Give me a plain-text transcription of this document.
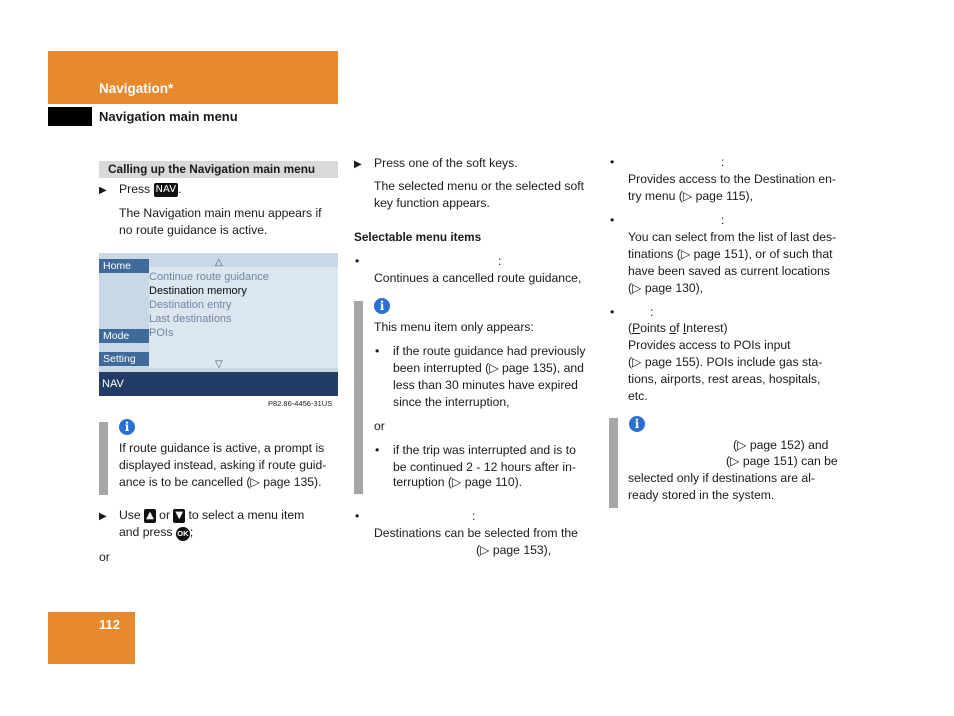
Navigation*
Navigation main menu
Calling up the Navigation main menu
▶ Press NAV .
The Navigation main menu appears if
no route guidance is active.
△
Home
Mode
Setting
Continue route guidance
Destination memory
Destination entry
Last destinations
POIs
▽
NAV
P82.86-4456-31US
i
If route guidance is active, a prompt is
displayed instead, asking if route guid-
ance is to be cancelled (▷ page 135).
▶ Use ▲ or ▼ to select a menu item
and press OK;
or
112
▶ Press one of the soft keys.
The selected menu or the selected soft
key function appears.
Selectable menu items
•	:
Continues a cancelled route guidance,
i
This menu item only appears:
• if the route guidance had previously
been interrupted (▷ page 135), and
less than 30 minutes have expired
since the interruption,
or
• if the trip was interrupted and is to
be continued 2 - 12 hours after in-
terruption (▷ page 110).
•	:
Destinations can be selected from the
(▷ page 153),
•	:
Provides access to the Destination en-
try menu (▷ page 115),
•	:
You can select from the list of last des-
tinations (▷ page 151), or of such that
have been saved as current locations
(▷ page 130),
•	:
(Points of Interest)
Provides access to POIs input
(▷ page 155). POIs include gas sta-
tions, airports, rest areas, hospitals,
etc.
i
(▷ page 152) and
(▷ page 151) can be
selected only if destinations are al-
ready stored in the system.
